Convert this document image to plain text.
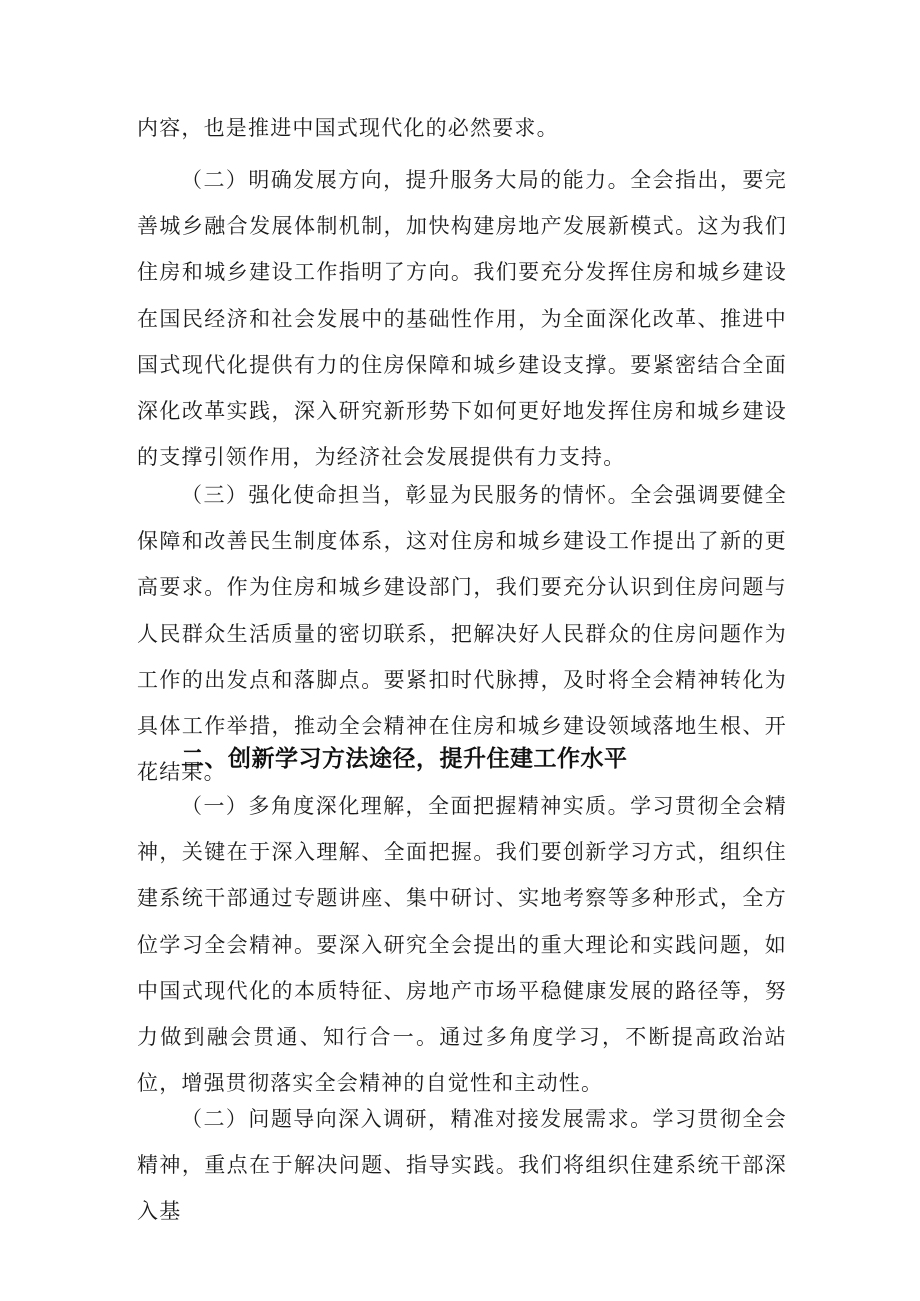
内容，也是推进中国式现代化的必然要求。

（二）明确发展方向，提升服务大局的能力。全会指出，要完善城乡融合发展体制机制，加快构建房地产发展新模式。这为我们住房和城乡建设工作指明了方向。我们要充分发挥住房和城乡建设在国民经济和社会发展中的基础性作用，为全面深化改革、推进中国式现代化提供有力的住房保障和城乡建设支撑。要紧密结合全面深化改革实践，深入研究新形势下如何更好地发挥住房和城乡建设的支撑引领作用，为经济社会发展提供有力支持。

（三）强化使命担当，彰显为民服务的情怀。全会强调要健全保障和改善民生制度体系，这对住房和城乡建设工作提出了新的更高要求。作为住房和城乡建设部门，我们要充分认识到住房问题与人民群众生活质量的密切联系，把解决好人民群众的住房问题作为工作的出发点和落脚点。要紧扣时代脉搏，及时将全会精神转化为具体工作举措，推动全会精神在住房和城乡建设领域落地生根、开花结果。

二、创新学习方法途径，提升住建工作水平

（一）多角度深化理解，全面把握精神实质。学习贯彻全会精神，关键在于深入理解、全面把握。我们要创新学习方式，组织住建系统干部通过专题讲座、集中研讨、实地考察等多种形式，全方位学习全会精神。要深入研究全会提出的重大理论和实践问题，如中国式现代化的本质特征、房地产市场平稳健康发展的路径等，努力做到融会贯通、知行合一。通过多角度学习，不断提高政治站位，增强贯彻落实全会精神的自觉性和主动性。

（二）问题导向深入调研，精准对接发展需求。学习贯彻全会精神，重点在于解决问题、指导实践。我们将组织住建系统干部深入基
